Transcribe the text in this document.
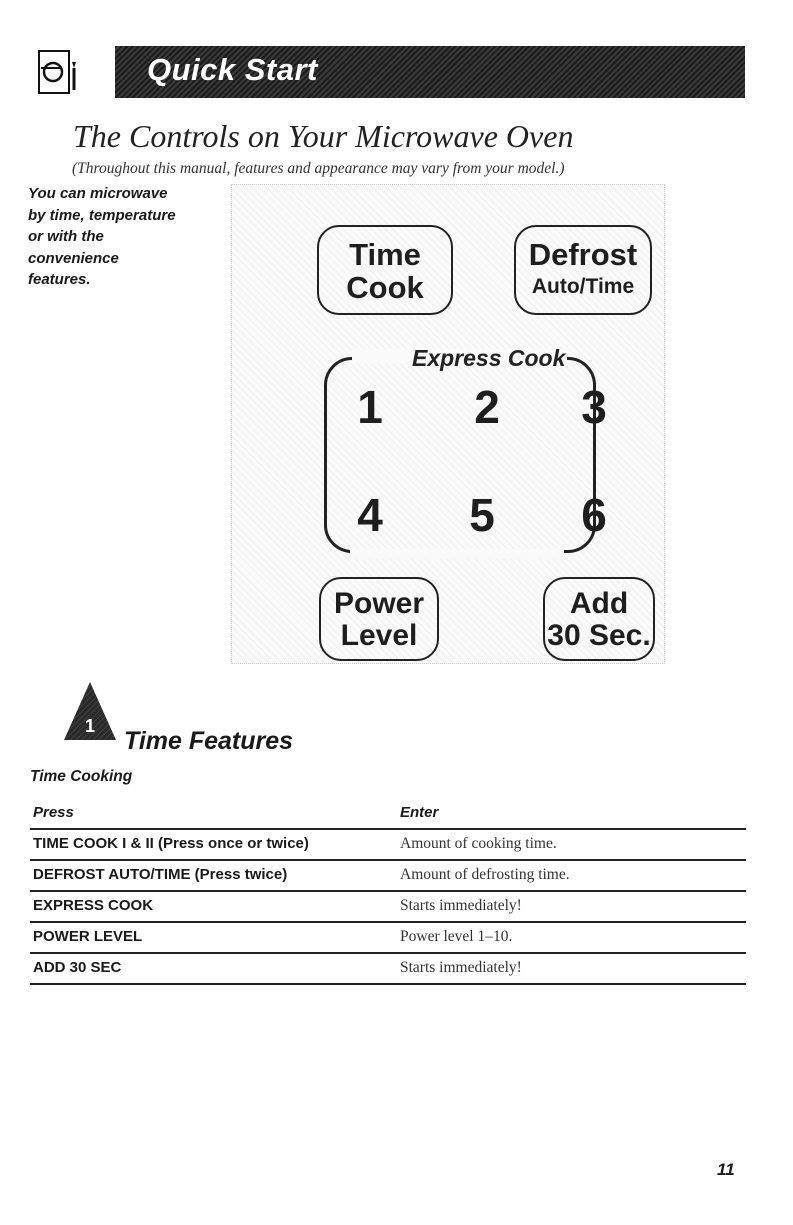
Quick Start
The Controls on Your Microwave Oven
(Throughout this manual, features and appearance may vary from your model.)
You can microwave
by time, temperature
or with the
convenience
features.
Time
Cook
Defrost
Auto/Time
Express Cook
1 2 3
4 5 6
Power
Level
Add
30 Sec.
1
Time Features
Time Cooking
Press	Enter
TIME COOK I & II (Press once or twice)	Amount of cooking time.
DEFROST AUTO/TIME (Press twice)	Amount of defrosting time.
EXPRESS COOK	Starts immediately!
POWER LEVEL	Power level 1–10.
ADD 30 SEC	Starts immediately!
11
